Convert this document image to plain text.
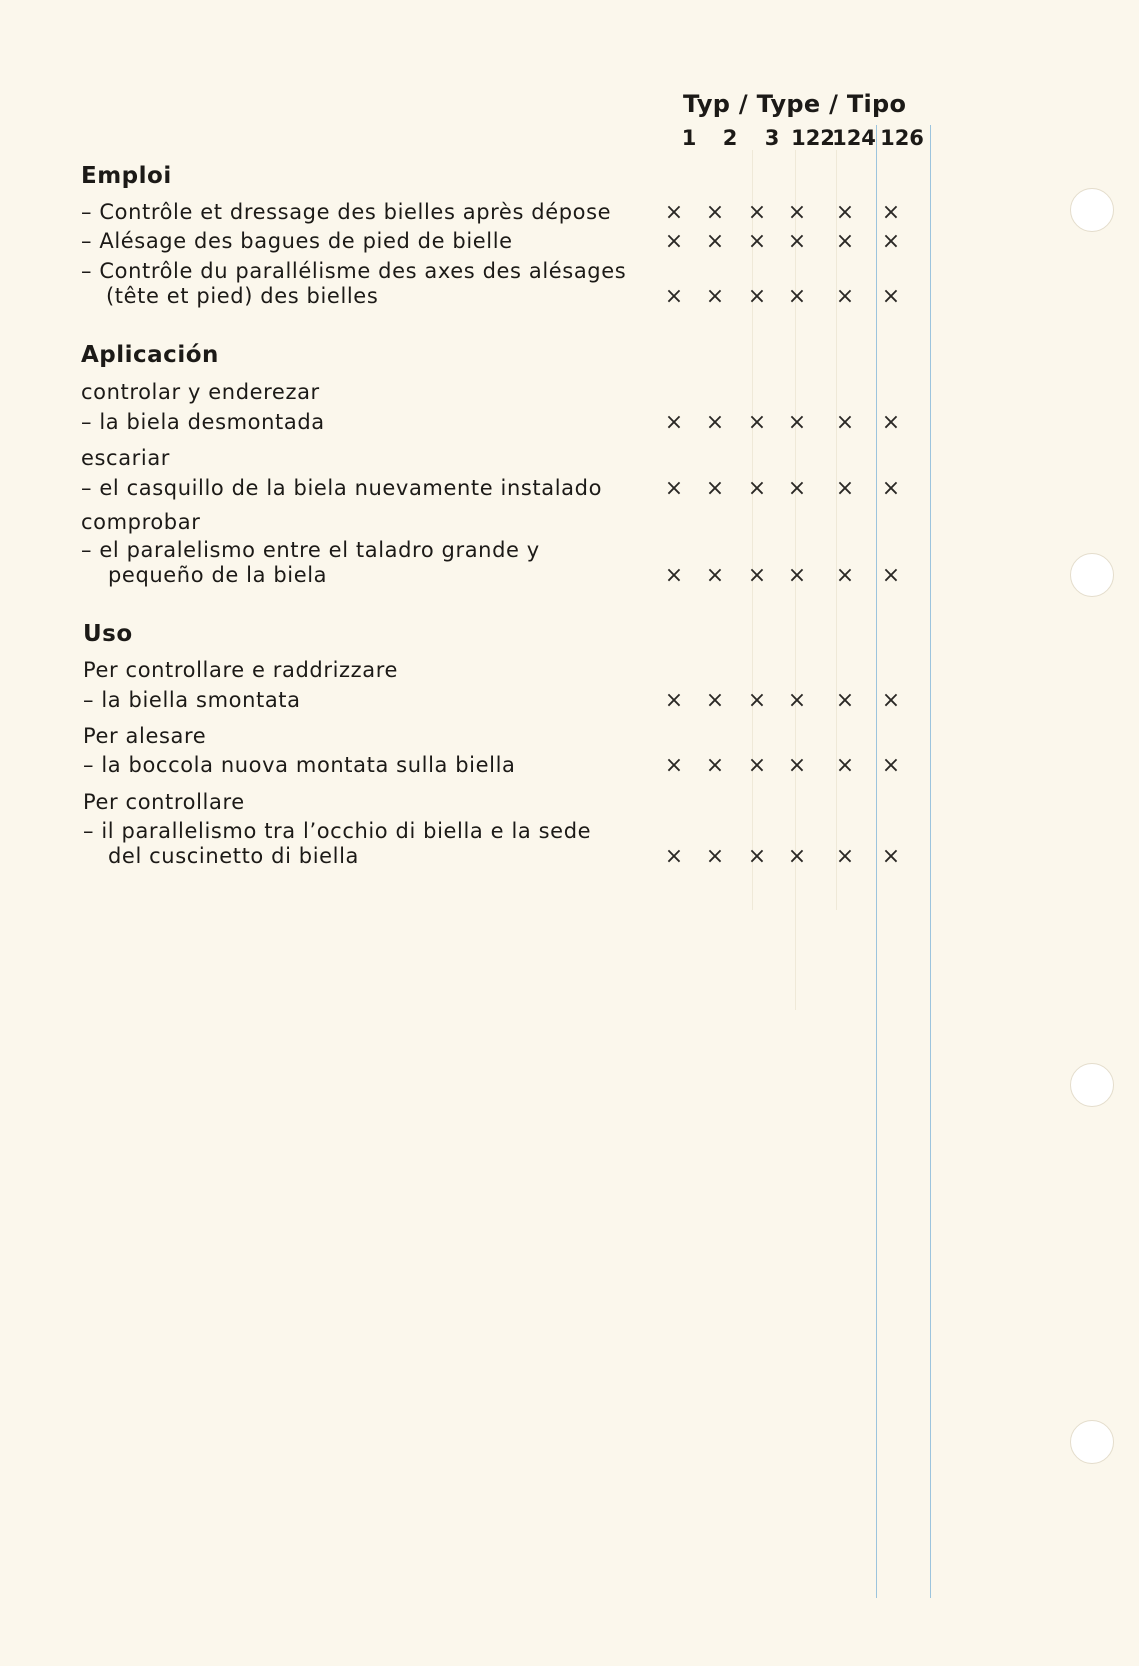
Typ / Type / Tipo
1	2	3 122
124 126
Emploi
– Contrôle et dressage des bielles après dépose
– Alésage des bagues de pied de bielle
– Contrôle du parallélisme des axes des alésages
(tête et pied) des bielles
Aplicación
controlar y enderezar
– la biela desmontada
escariar
– el casquillo de la biela nuevamente instalado
comprobar
– el paralelismo entre el taladro grande y
pequeño de la biela
Uso
Per controllare e raddrizzare
– la biella smontata
Per alesare
– la boccola nuova montata sulla biella
Per controllare
– il parallelismo tra l’occhio di biella e la sede
del cuscinetto di biella
× × × × × ×
× × × × × ×
× × × × × ×
× × × × × ×
× × × × × ×
× × × × × ×
× × × × × ×
× × × × × ×
× × × × × ×
